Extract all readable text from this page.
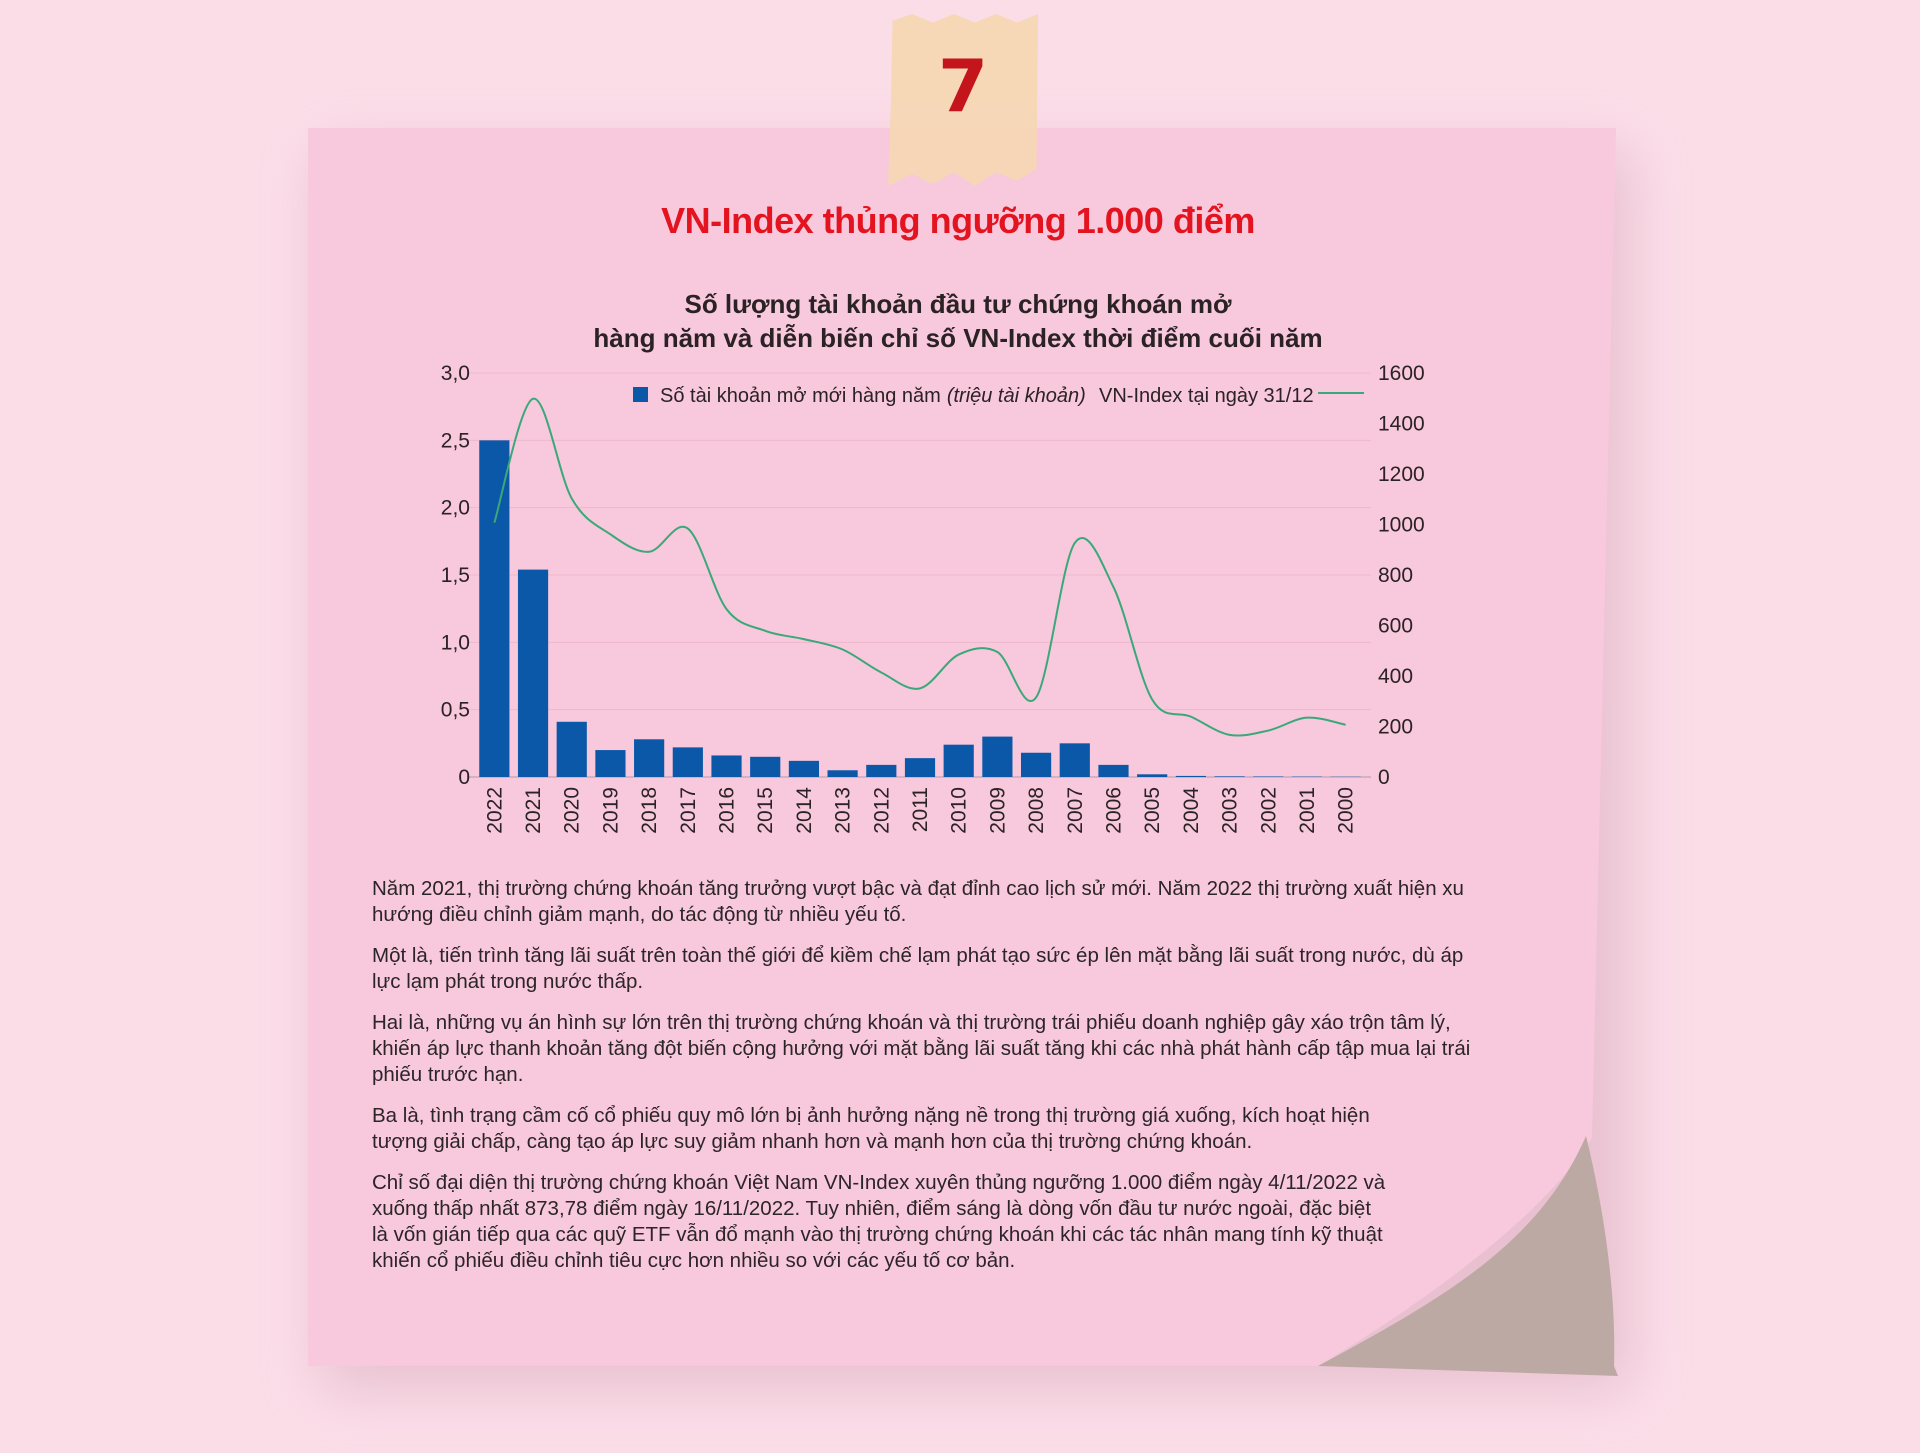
7
VN-Index thủng ngưỡng 1.000 điểm
Số lượng tài khoản đầu tư chứng khoán mở
hàng năm và diễn biến chỉ số VN-Index thời điểm cuối năm
0
0,5
1,0
1,5
2,0
2,5
3,0
0
200
400
600
800
1000
1200
1400
1600
2022 2021 2020 2019 2018 2017 2016 2015 2014 2013 2012 2011 2010 2009 2008 2007 2006 2005 2004 2003 2002 2001 2000
Số tài khoản mở mới hàng năm (triệu tài khoản) VN-Index tại ngày 31/12

Năm 2021, thị trường chứng khoán tăng trưởng vượt bậc và đạt đỉnh cao lịch sử mới. Năm 2022 thị trường xuất hiện xu hướng điều chỉnh giảm mạnh, do tác động từ nhiều yếu tố.

Một là, tiến trình tăng lãi suất trên toàn thế giới để kiềm chế lạm phát tạo sức ép lên mặt bằng lãi suất trong nước, dù áp lực lạm phát trong nước thấp.

Hai là, những vụ án hình sự lớn trên thị trường chứng khoán và thị trường trái phiếu doanh nghiệp gây xáo trộn tâm lý, khiến áp lực thanh khoản tăng đột biến cộng hưởng với mặt bằng lãi suất tăng khi các nhà phát hành cấp tập mua lại trái phiếu trước hạn.

Ba là, tình trạng cầm cố cổ phiếu quy mô lớn bị ảnh hưởng nặng nề trong thị trường giá xuống, kích hoạt hiện tượng giải chấp, càng tạo áp lực suy giảm nhanh hơn và mạnh hơn của thị trường chứng khoán.

Chỉ số đại diện thị trường chứng khoán Việt Nam VN-Index xuyên thủng ngưỡng 1.000 điểm ngày 4/11/2022 và xuống thấp nhất 873,78 điểm ngày 16/11/2022. Tuy nhiên, điểm sáng là dòng vốn đầu tư nước ngoài, đặc biệt là vốn gián tiếp qua các quỹ ETF vẫn đổ mạnh vào thị trường chứng khoán khi các tác nhân mang tính kỹ thuật khiến cổ phiếu điều chỉnh tiêu cực hơn nhiều so với các yếu tố cơ bản.
